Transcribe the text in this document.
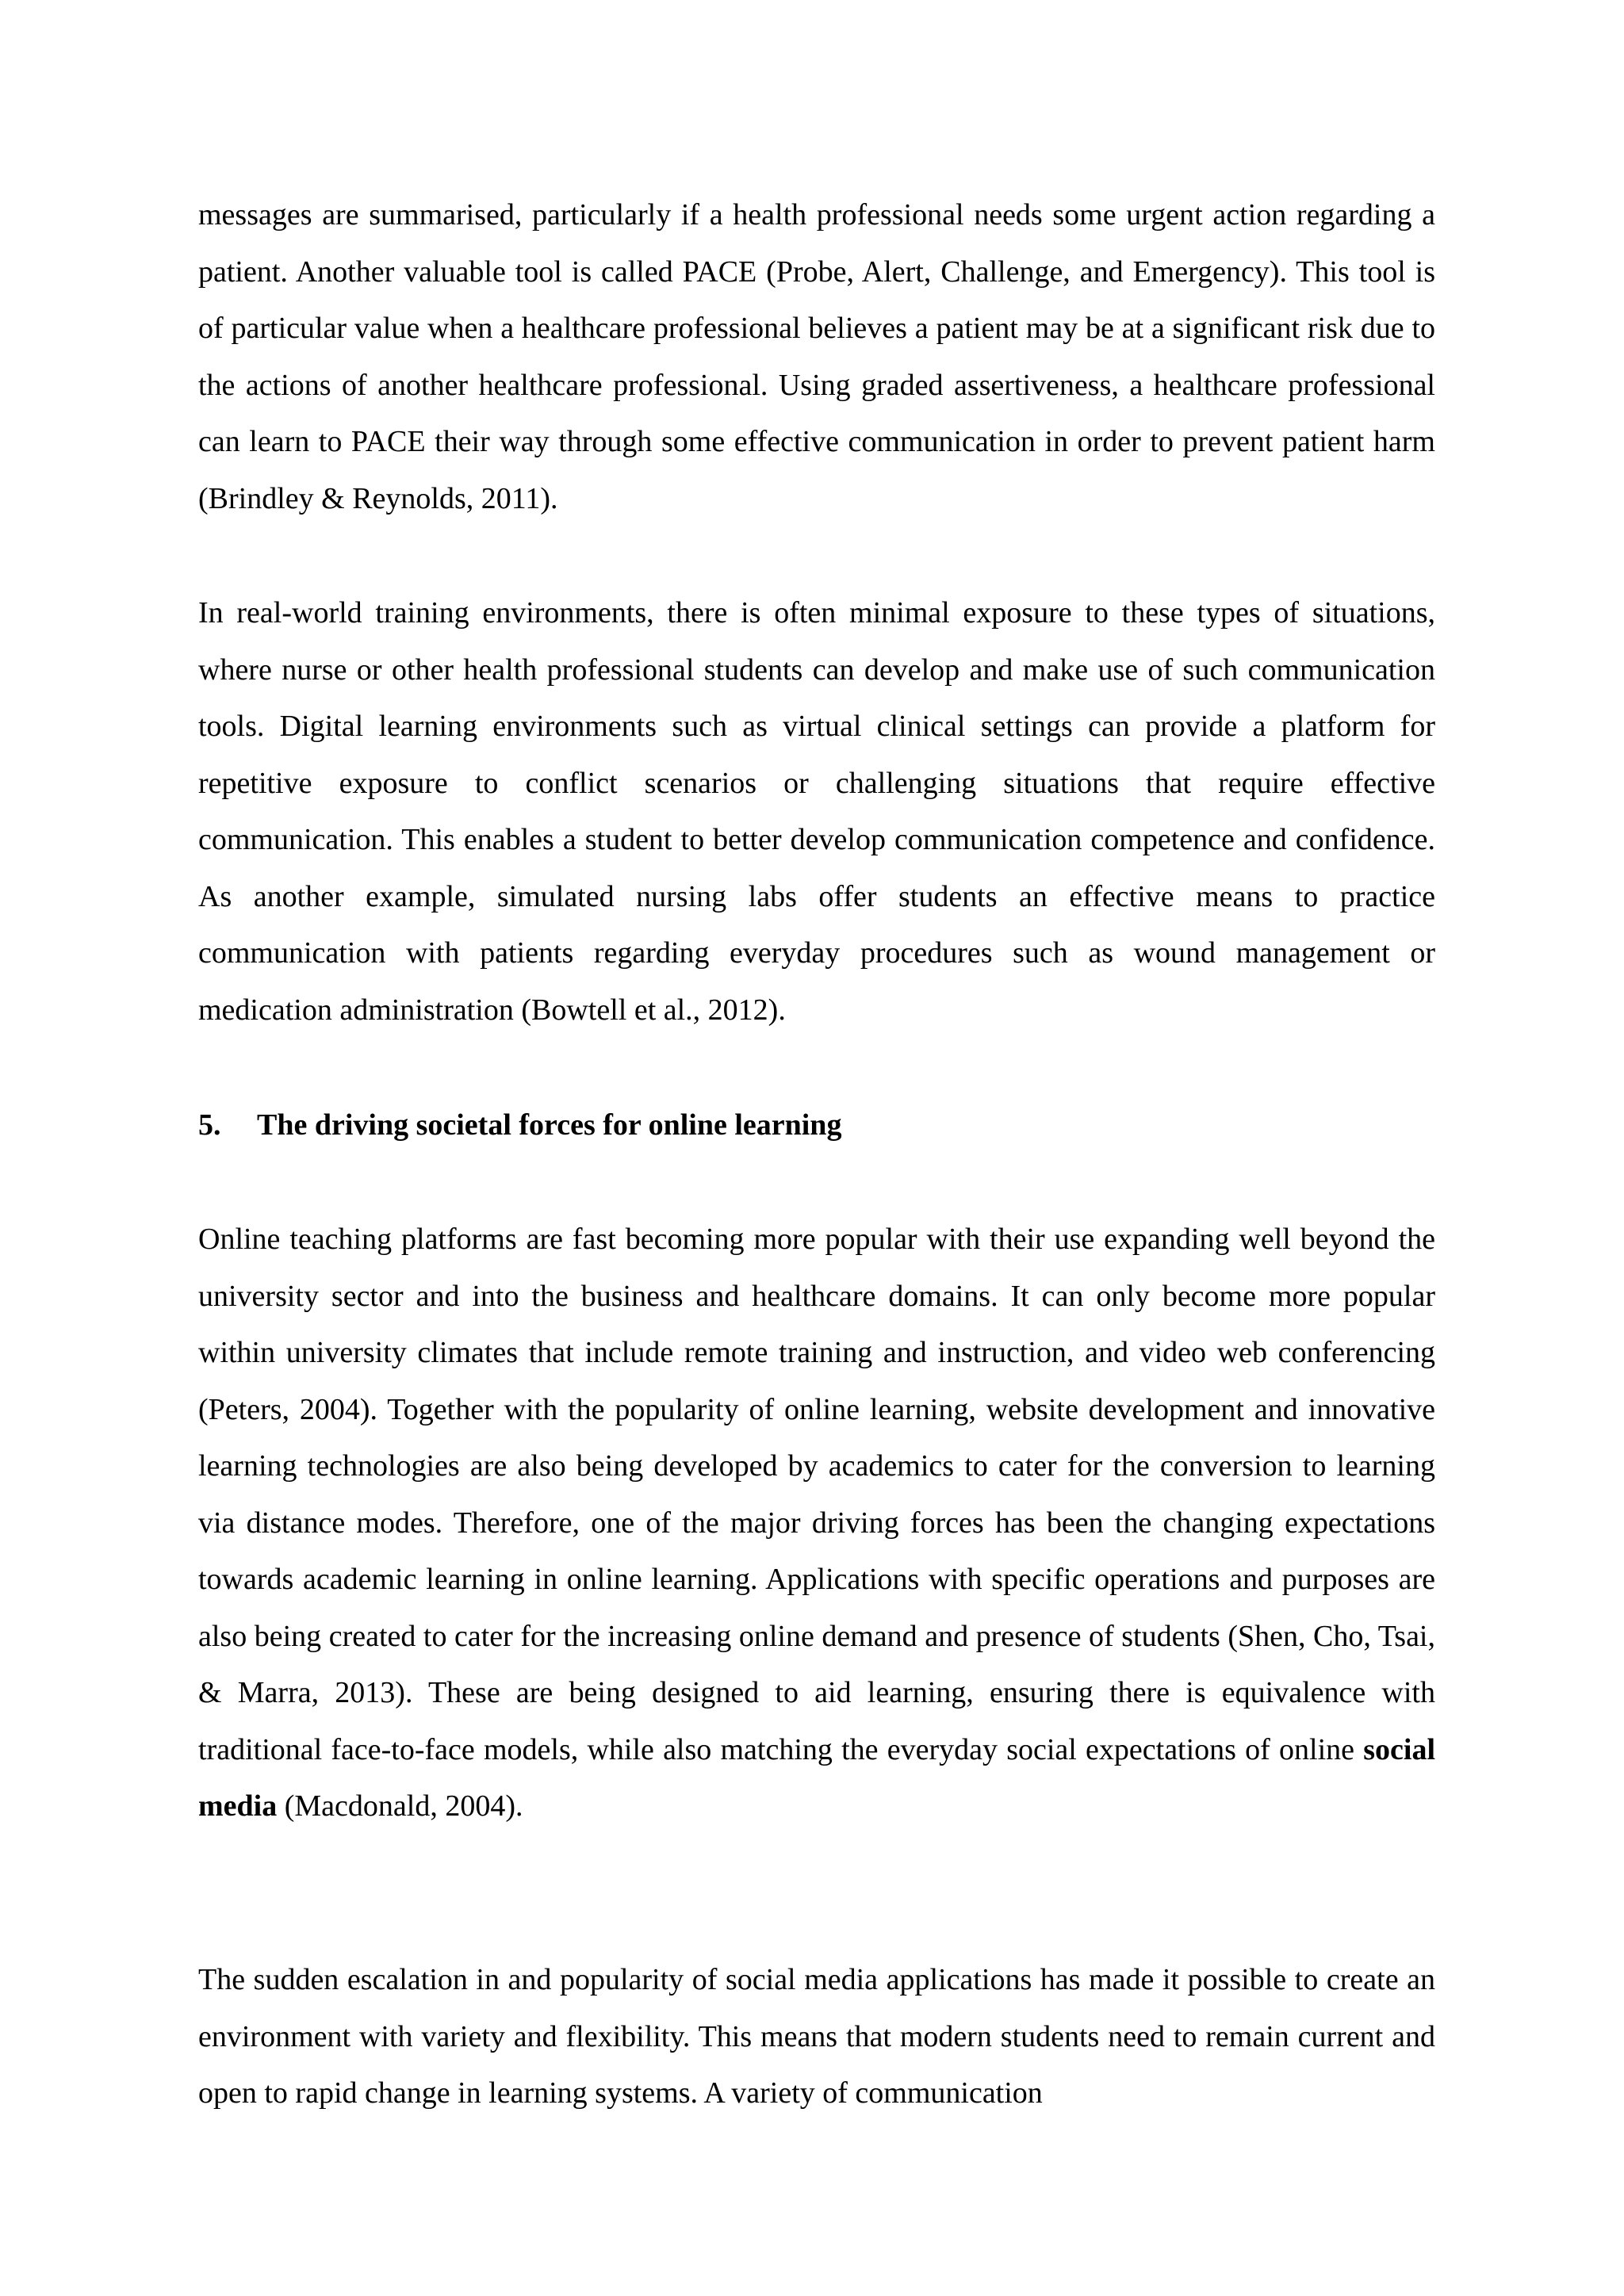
messages are summarised, particularly if a health professional needs some urgent action regarding a patient. Another valuable tool is called PACE (Probe, Alert, Challenge, and Emergency). This tool is of particular value when a healthcare professional believes a patient may be at a significant risk due to the actions of another healthcare professional. Using graded assertiveness, a healthcare professional can learn to PACE their way through some effective communication in order to prevent patient harm (Brindley & Reynolds, 2011).

In real-world training environments, there is often minimal exposure to these types of situations, where nurse or other health professional students can develop and make use of such communication tools. Digital learning environments such as virtual clinical settings can provide a platform for repetitive exposure to conflict scenarios or challenging situations that require effective communication. This enables a student to better develop communication competence and confidence. As another example, simulated nursing labs offer students an effective means to practice communication with patients regarding everyday procedures such as wound management or medication administration (Bowtell et al., 2012).

5. The driving societal forces for online learning

Online teaching platforms are fast becoming more popular with their use expanding well beyond the university sector and into the business and healthcare domains. It can only become more popular within university climates that include remote training and instruction, and video web conferencing (Peters, 2004). Together with the popularity of online learning, website development and innovative learning technologies are also being developed by academics to cater for the conversion to learning via distance modes. Therefore, one of the major driving forces has been the changing expectations towards academic learning in online learning. Applications with specific operations and purposes are also being created to cater for the increasing online demand and presence of students (Shen, Cho, Tsai, & Marra, 2013). These are being designed to aid learning, ensuring there is equivalence with traditional face-to-face models, while also matching the everyday social expectations of online social media (Macdonald, 2004).

The sudden escalation in and popularity of social media applications has made it possible to create an environment with variety and flexibility. This means that modern students need to remain current and open to rapid change in learning systems. A variety of communication
